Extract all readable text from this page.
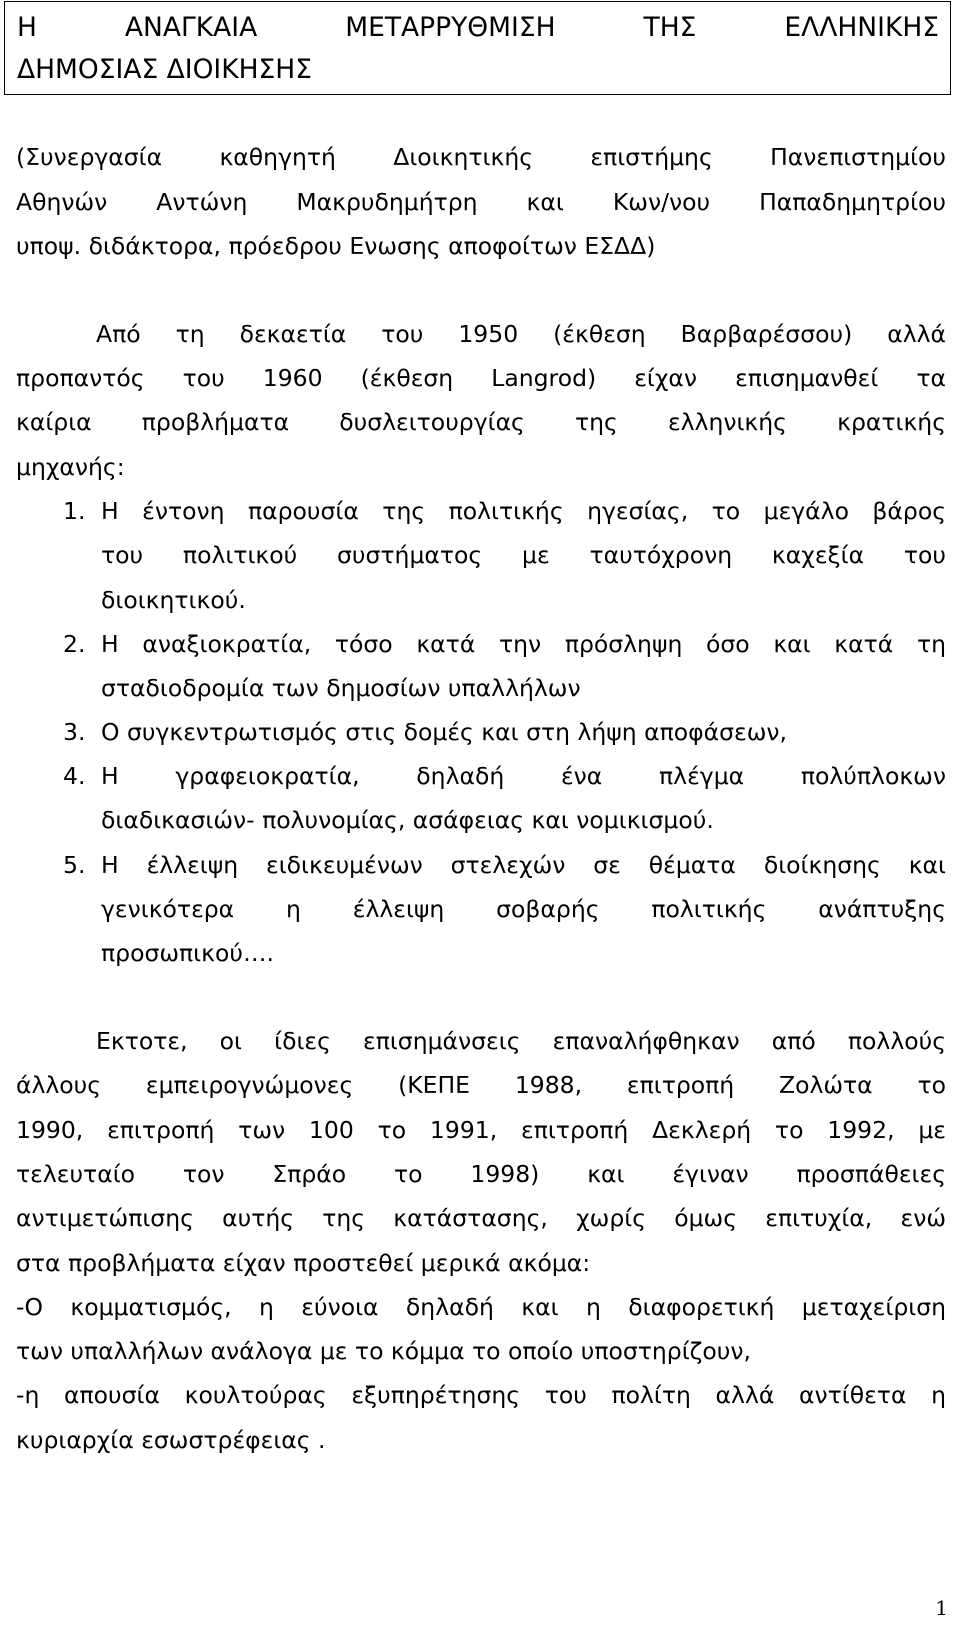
Η ΑΝΑΓΚΑΙΑ ΜΕΤΑΡΡΥΘΜΙΣΗ ΤΗΣ ΕΛΛΗΝΙΚΗΣ
ΔΗΜΟΣΙΑΣ ΔΙΟΙΚΗΣΗΣ
(Συνεργασία καθηγητή Διοικητικής επιστήμης Πανεπιστημίου
Αθηνών Αντώνη Μακρυδημήτρη και Κων/νου Παπαδημητρίου
υποψ. διδάκτορα, πρόεδρου Ενωσης αποφοίτων ΕΣΔΔ)
Από τη δεκαετία του 1950 (έκθεση Βαρβαρέσσου) αλλά
προπαντός του 1960 (έκθεση Langrod) είχαν επισημανθεί τα
καίρια προβλήματα δυσλειτουργίας της ελληνικής κρατικής
μηχανής:
1. Η έντονη παρουσία της πολιτικής ηγεσίας, το μεγάλο βάρος
του πολιτικού συστήματος με ταυτόχρονη καχεξία του
διοικητικού.
2. Η αναξιοκρατία, τόσο κατά την πρόσληψη όσο και κατά τη
σταδιοδρομία των δημοσίων υπαλλήλων
3. Ο συγκεντρωτισμός στις δομές και στη λήψη αποφάσεων,
4. Η γραφειοκρατία, δηλαδή ένα πλέγμα πολύπλοκων
διαδικασιών- πολυνομίας, ασάφειας και νομικισμού.
5. Η έλλειψη ειδικευμένων στελεχών σε θέματα διοίκησης και
γενικότερα η έλλειψη σοβαρής πολιτικής ανάπτυξης
προσωπικού….
Εκτοτε, οι ίδιες επισημάνσεις επαναλήφθηκαν από πολλούς
άλλους εμπειρογνώμονες (ΚΕΠΕ 1988, επιτροπή Ζολώτα το
1990, επιτροπή των 100 το 1991, επιτροπή Δεκλερή το 1992, με
τελευταίο τον Σπράο το 1998) και έγιναν προσπάθειες
αντιμετώπισης αυτής της κατάστασης, χωρίς όμως επιτυχία, ενώ
στα προβλήματα είχαν προστεθεί μερικά ακόμα:
-Ο κομματισμός, η εύνοια δηλαδή και η διαφορετική μεταχείριση
των υπαλλήλων ανάλογα με το κόμμα το οποίο υποστηρίζουν,
-η απουσία κουλτούρας εξυπηρέτησης του πολίτη αλλά αντίθετα η
κυριαρχία εσωστρέφειας .
1
